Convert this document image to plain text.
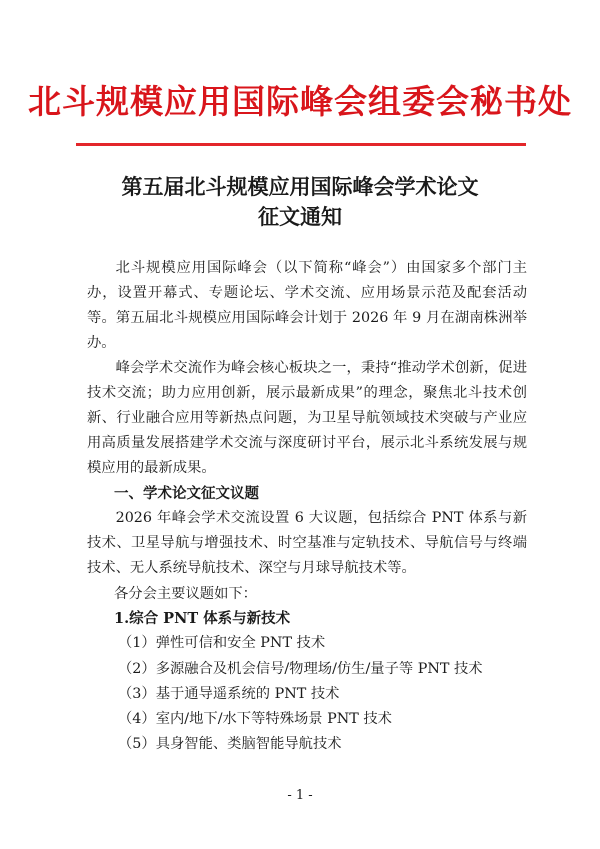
北斗规模应用国际峰会组委会秘书处
第五届北斗规模应用国际峰会学术论文
征文通知
北斗规模应用国际峰会（以下简称“峰会”）由国家多个部门主办，设置开幕式、专题论坛、学术交流、应用场景示范及配套活动等。第五届北斗规模应用国际峰会计划于 2026 年 9 月在湖南株洲举办。
峰会学术交流作为峰会核心板块之一，秉持“推动学术创新，促进技术交流；助力应用创新，展示最新成果”的理念，聚焦北斗技术创新、行业融合应用等新热点问题，为卫星导航领域技术突破与产业应用高质量发展搭建学术交流与深度研讨平台，展示北斗系统发展与规模应用的最新成果。
一、学术论文征文议题
2026 年峰会学术交流设置 6 大议题，包括综合 PNT 体系与新技术、卫星导航与增强技术、时空基准与定轨技术、导航信号与终端技术、无人系统导航技术、深空与月球导航技术等。
各分会主要议题如下：
1.综合 PNT 体系与新技术
（1）弹性可信和安全 PNT 技术
（2）多源融合及机会信号/物理场/仿生/量子等 PNT 技术
（3）基于通导遥系统的 PNT 技术
（4）室内/地下/水下等特殊场景 PNT 技术
（5）具身智能、类脑智能导航技术
- 1 -
